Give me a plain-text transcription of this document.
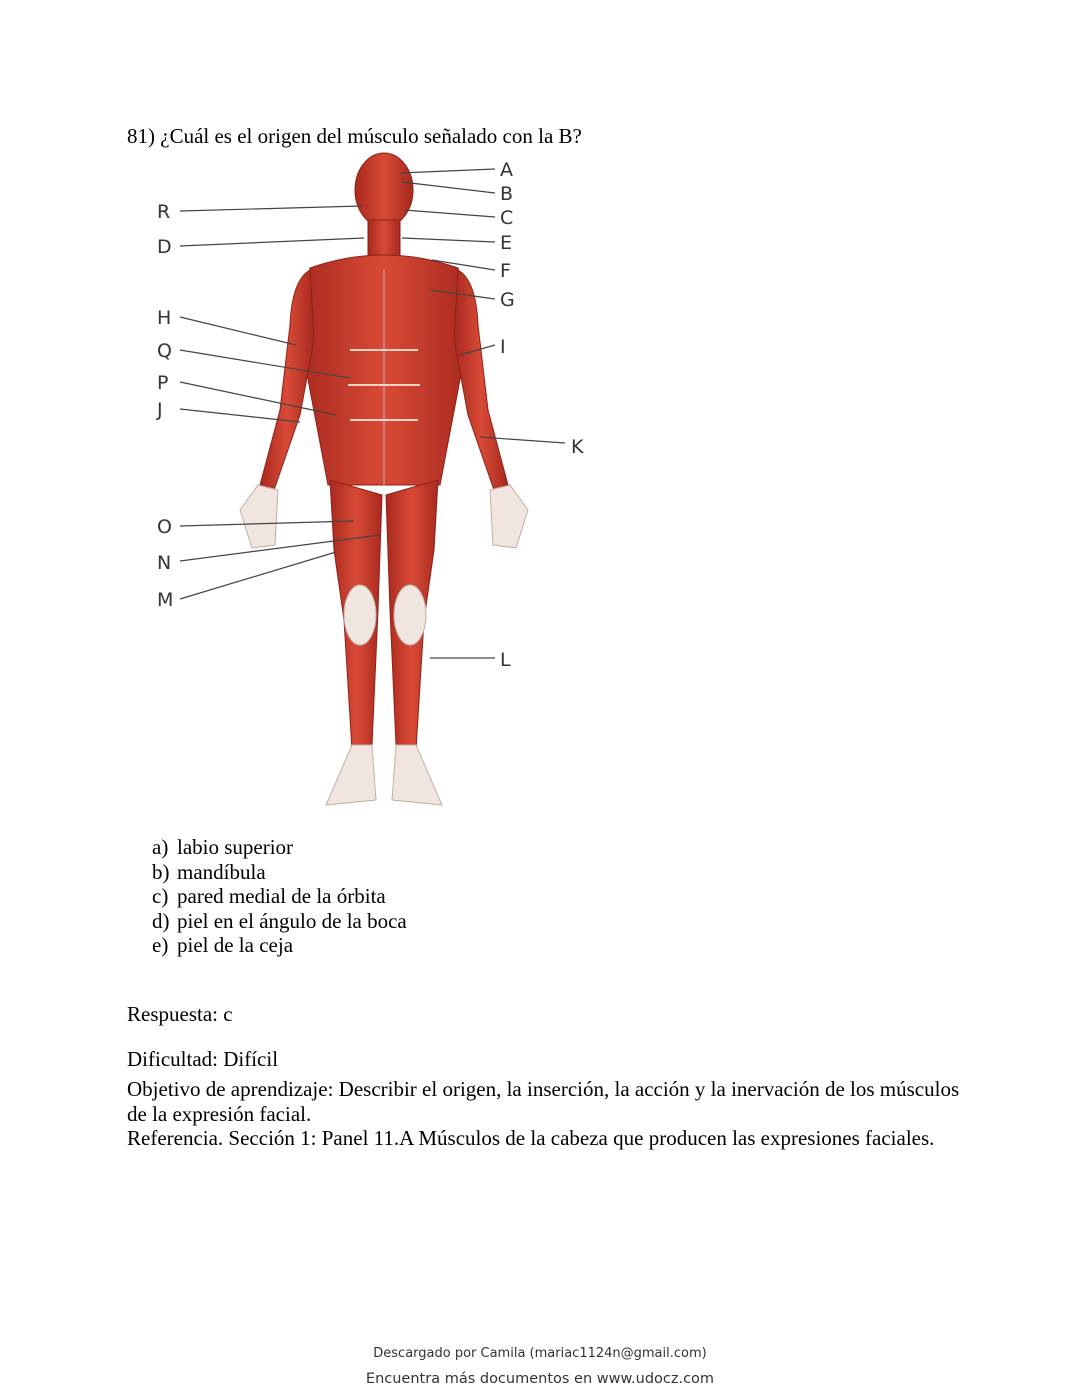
81) ¿Cuál es el origen del músculo señalado con la B?
A
B
C
D	E
F
G
H
I
J
K
L
M
N
O
P
Q
R
a) labio superior
b) mandíbula
c) pared medial de la órbita
d) piel en el ángulo de la boca
e) piel de la ceja
Respuesta: c
Dificultad: Difícil
Objetivo de aprendizaje: Describir el origen, la inserción, la acción y la inervación de los músculos de la expresión facial.
Referencia. Sección 1: Panel 11.A Músculos de la cabeza que producen las expresiones faciales.
Descargado por Camila (mariac1124n@gmail.com)
Encuentra más documentos en www.udocz.com
